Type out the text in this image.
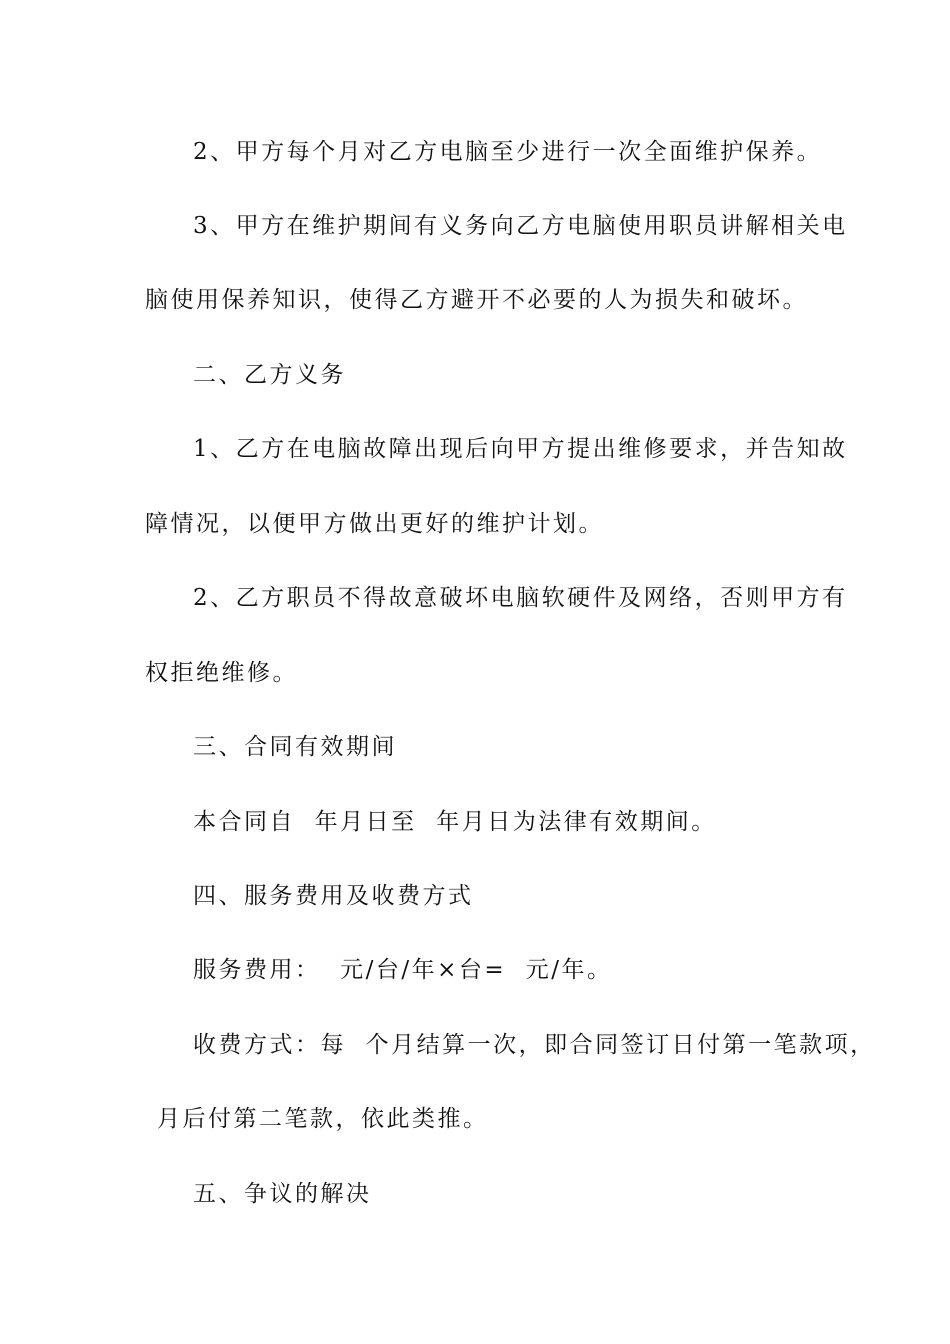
2、甲方每个月对乙方电脑至少进行一次全面维护保养。
3、甲方在维护期间有义务向乙方电脑使用职员讲解相关电
脑使用保养知识，使得乙方避开不必要的人为损失和破坏。
二、乙方义务
1、乙方在电脑故障出现后向甲方提出维修要求，并告知故
障情况，以便甲方做出更好的维护计划。
2、乙方职员不得故意破坏电脑软硬件及网络，否则甲方有
权拒绝维修。
三、合同有效期间
本合同自  年月日至  年月日为法律有效期间。
四、服务费用及收费方式
服务费用：  元/台/年×台=  元/年。
收费方式：每  个月结算一次，即合同签订日付第一笔款项，
月后付第二笔款，依此类推。
五、争议的解决
